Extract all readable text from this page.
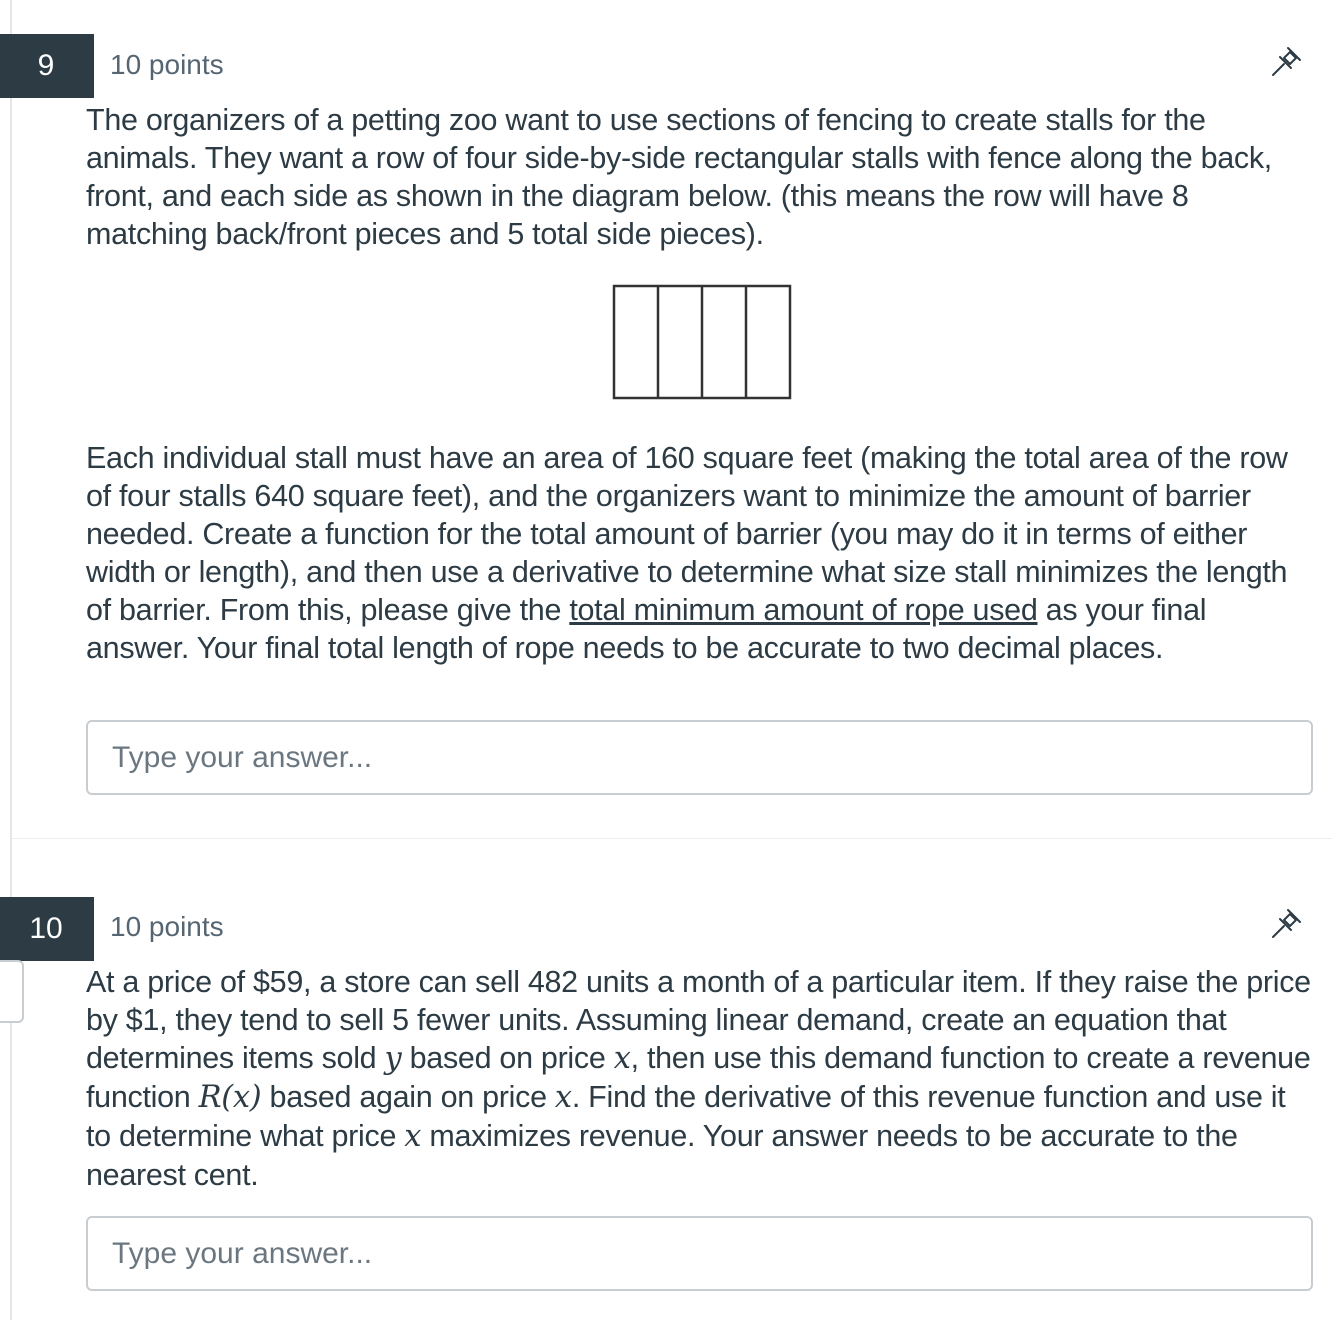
9	10 points
The organizers of a petting zoo want to use sections of fencing to create stalls for the animals. They want a row of four side-by-side rectangular stalls with fence along the back, front, and each side as shown in the diagram below. (this means the row will have 8 matching back/front pieces and 5 total side pieces).
Each individual stall must have an area of 160 square feet (making the total area of the row of four stalls 640 square feet), and the organizers want to minimize the amount of barrier needed. Create a function for the total amount of barrier (you may do it in terms of either width or length), and then use a derivative to determine what size stall minimizes the length of barrier. From this, please give the total minimum amount of rope used as your final answer. Your final total length of rope needs to be accurate to two decimal places.
Type your answer...
10	10 points
At a price of $59, a store can sell 482 units a month of a particular item. If they raise the price by $1, they tend to sell 5 fewer units. Assuming linear demand, create an equation that determines items sold y based on price x, then use this demand function to create a revenue function R(x) based again on price x. Find the derivative of this revenue function and use it to determine what price x maximizes revenue. Your answer needs to be accurate to the nearest cent.
Type your answer...
